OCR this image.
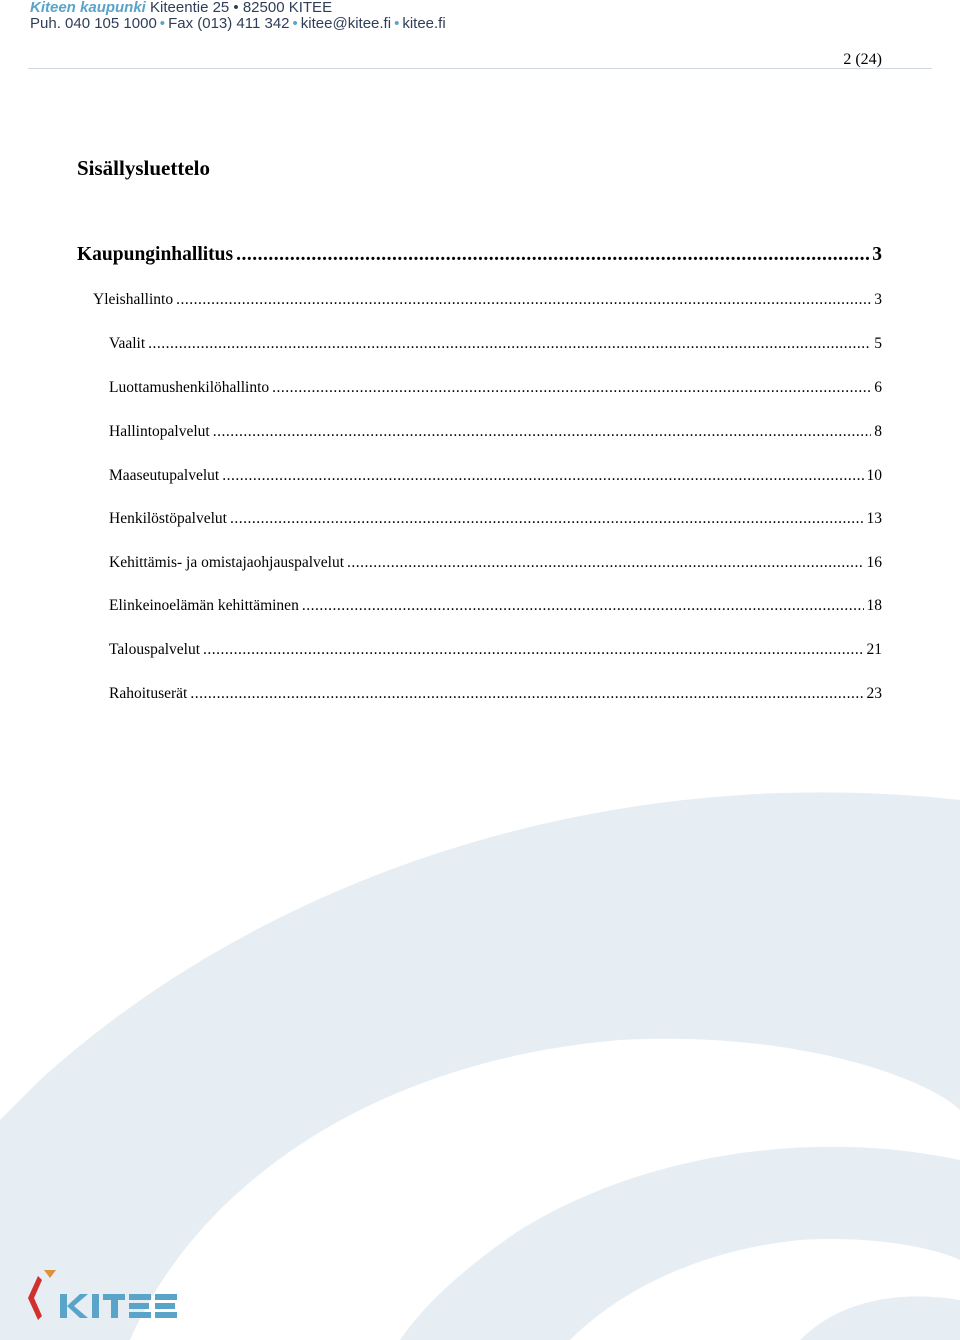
Kiteen kaupunki Kiteentie 25 • 82500 KITEE
Puh. 040 105 1000 • Fax (013) 411 342 • kitee@kitee.fi • kitee.fi
2 (24)
Sisällysluettelo
Kaupunginhallitus .....	3
Yleishallinto .....	3
Vaalit .....	5
Luottamushenkilöhallinto .....	6
Hallintopalvelut .....	8
Maaseutupalvelut .....	10
Henkilöstöpalvelut .....	13
Kehittämis- ja omistajaohjauspalvelut .....	16
Elinkeinoelämän kehittäminen .....	18
Talouspalvelut .....	21
Rahoituserät .....	23
